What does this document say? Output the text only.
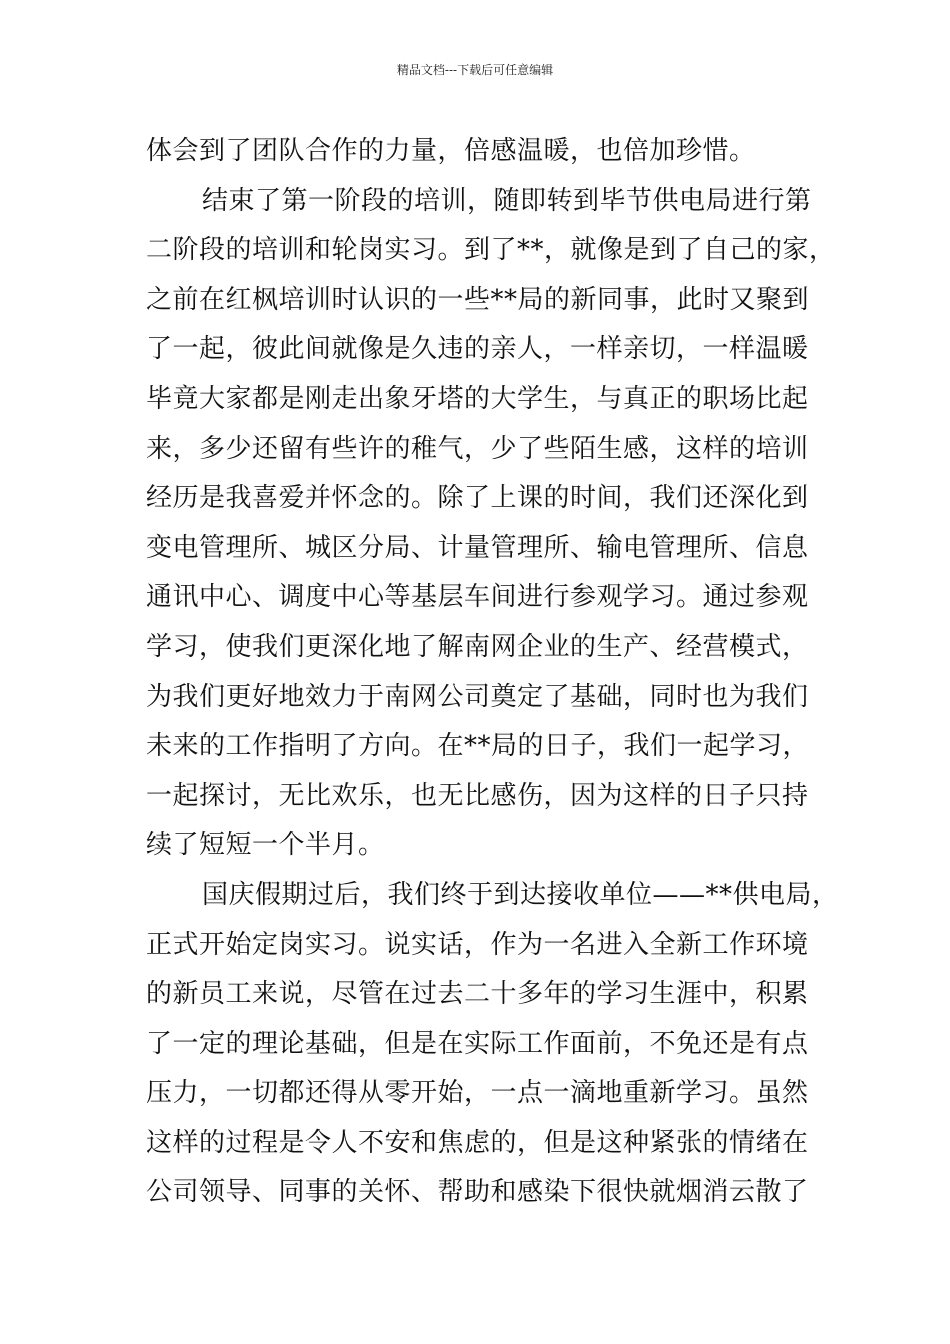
精品文档---下载后可任意编辑
体会到了团队合作的力量，倍感温暖，也倍加珍惜。
结束了第一阶段的培训，随即转到毕节供电局进行第
二阶段的培训和轮岗实习。到了**，就像是到了自己的家，
之前在红枫培训时认识的一些**局的新同事，此时又聚到
了一起，彼此间就像是久违的亲人，一样亲切，一样温暖
毕竟大家都是刚走出象牙塔的大学生，与真正的职场比起
来，多少还留有些许的稚气，少了些陌生感，这样的培训
经历是我喜爱并怀念的。除了上课的时间，我们还深化到
变电管理所、城区分局、计量管理所、输电管理所、信息
通讯中心、调度中心等基层车间进行参观学习。通过参观
学习，使我们更深化地了解南网企业的生产、经营模式，
为我们更好地效力于南网公司奠定了基础，同时也为我们
未来的工作指明了方向。在**局的日子，我们一起学习，
一起探讨，无比欢乐，也无比感伤，因为这样的日子只持
续了短短一个半月。
国庆假期过后，我们终于到达接收单位——**供电局，
正式开始定岗实习。说实话，作为一名进入全新工作环境
的新员工来说，尽管在过去二十多年的学习生涯中，积累
了一定的理论基础，但是在实际工作面前，不免还是有点
压力，一切都还得从零开始，一点一滴地重新学习。虽然
这样的过程是令人不安和焦虑的，但是这种紧张的情绪在
公司领导、同事的关怀、帮助和感染下很快就烟消云散了
